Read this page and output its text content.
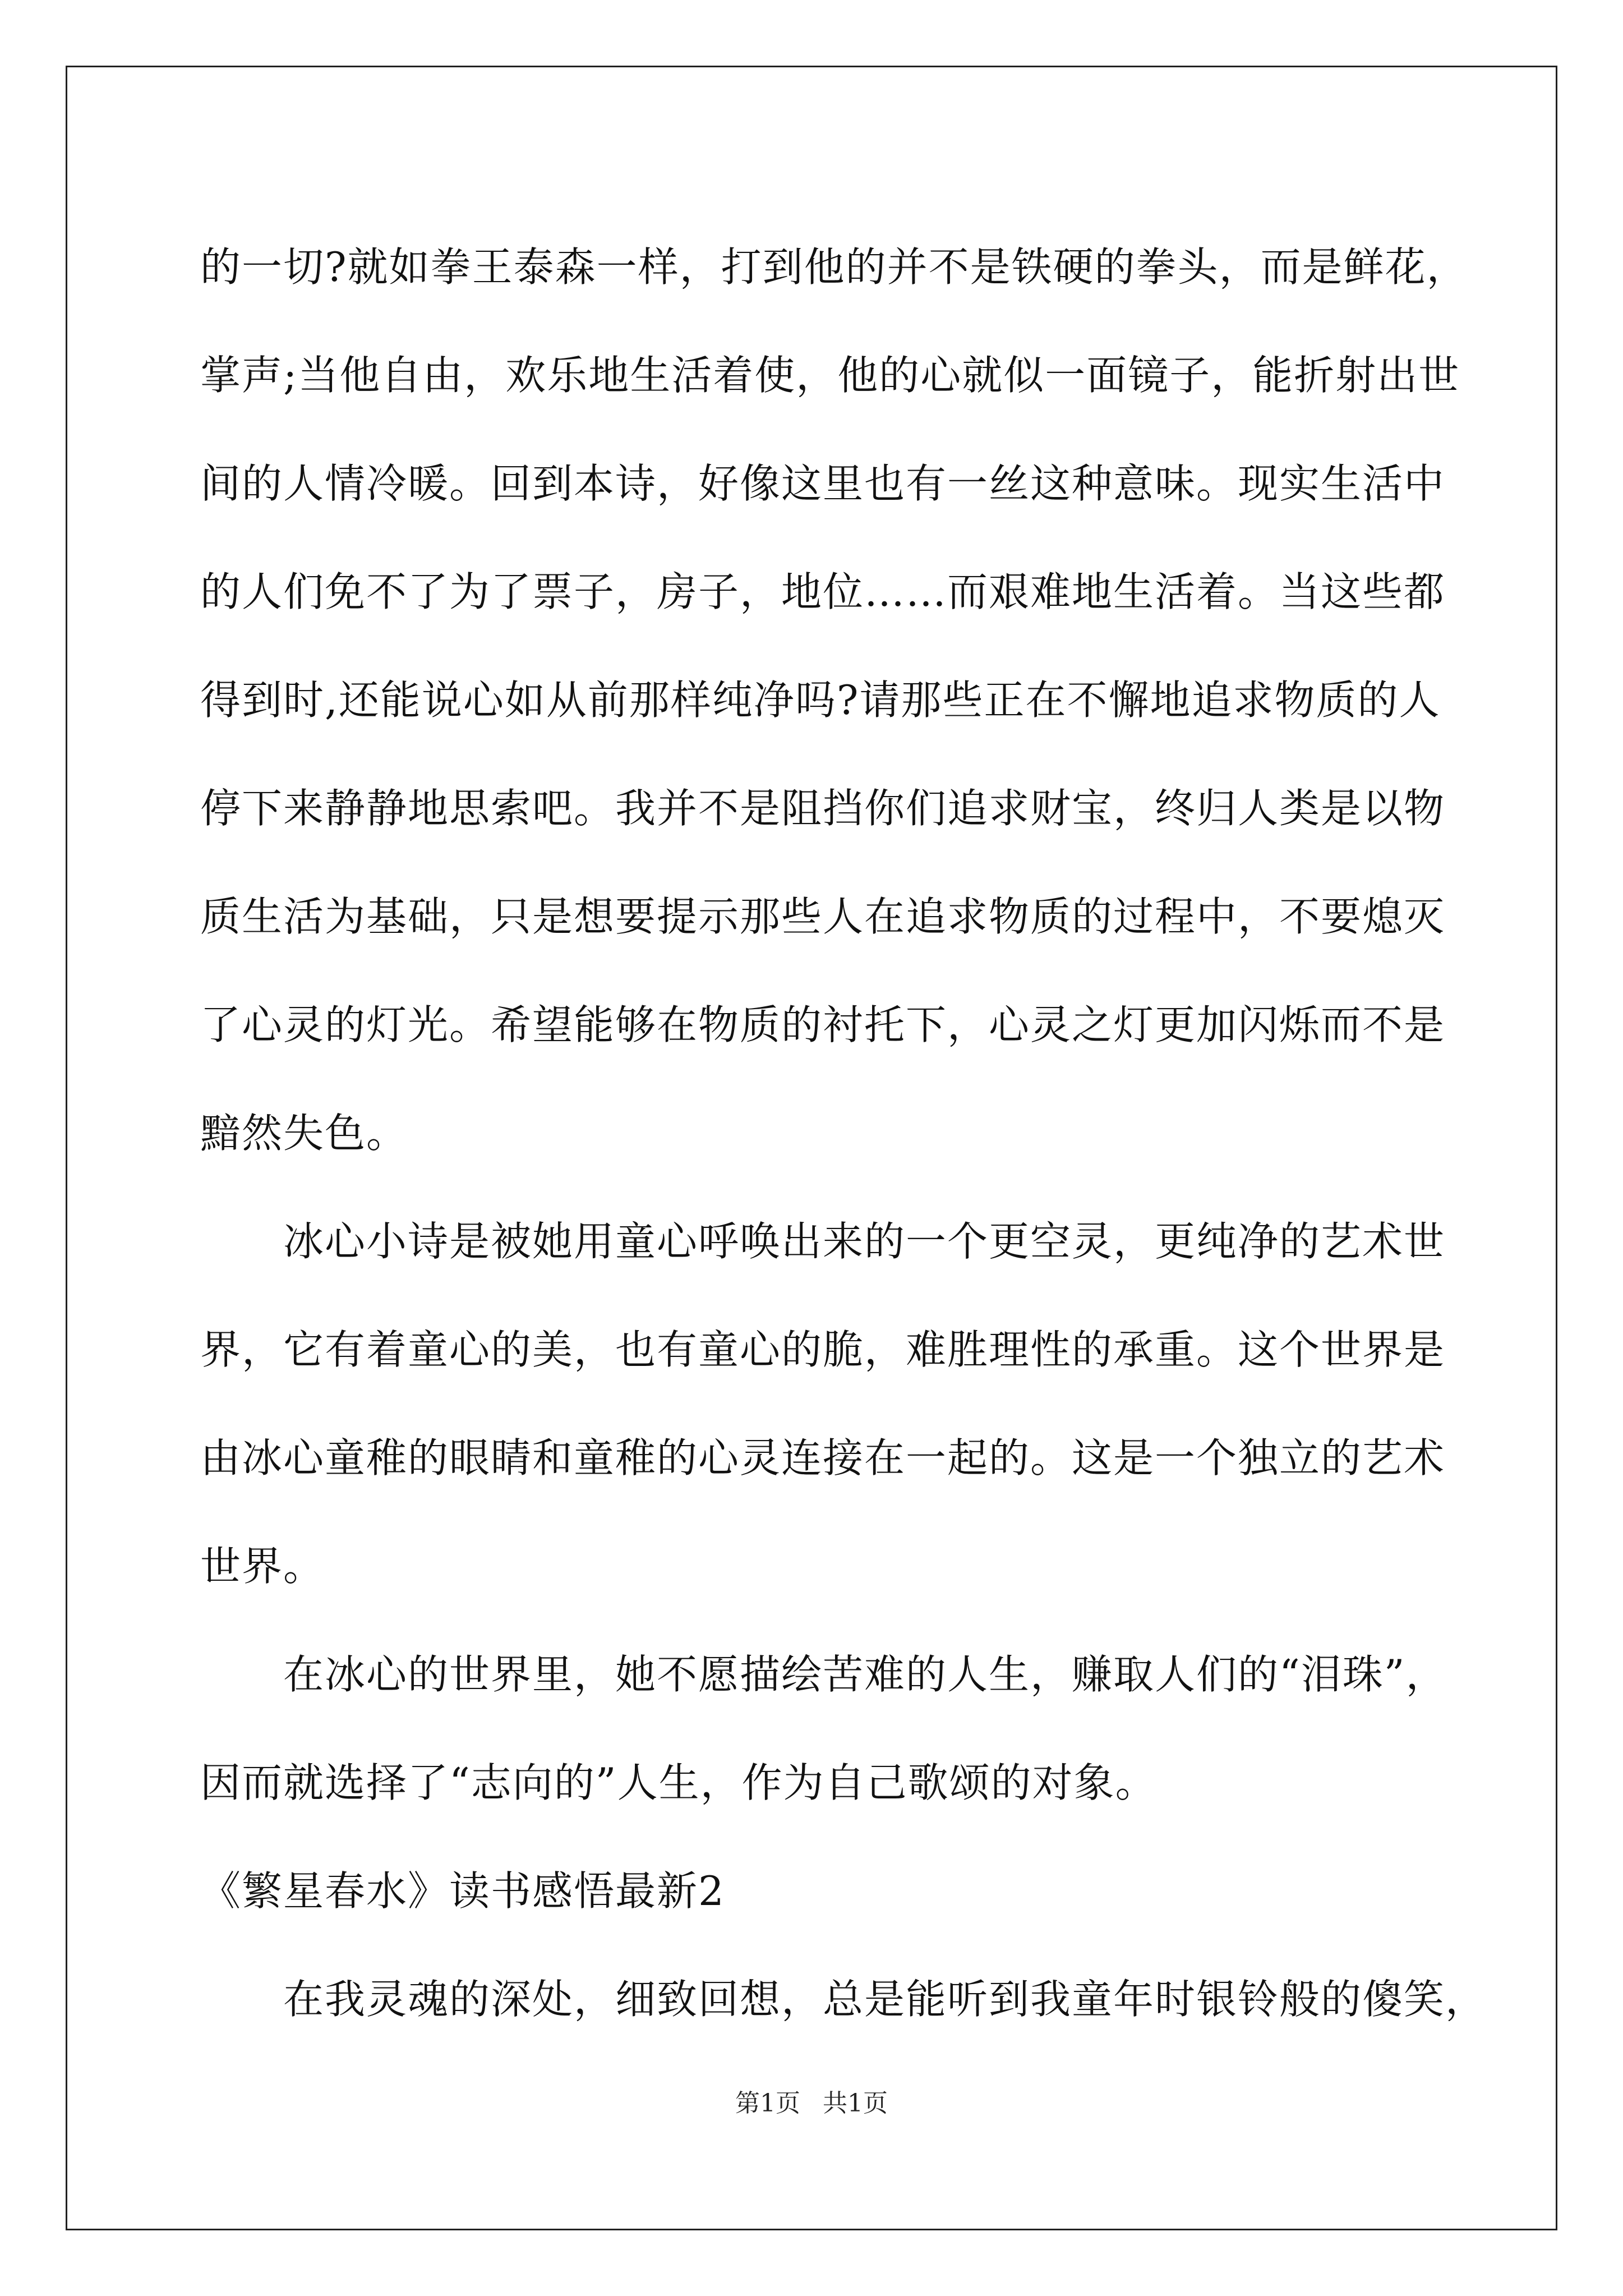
的一切?就如拳王泰森一样，打到他的并不是铁硬的拳头，而是鲜花，
掌声;当他自由，欢乐地生活着使，他的心就似一面镜子，能折射出世
间的人情冷暖。回到本诗，好像这里也有一丝这种意味。现实生活中
的人们免不了为了票子，房子，地位……而艰难地生活着。当这些都
得到时,还能说心如从前那样纯净吗?请那些正在不懈地追求物质的人
停下来静静地思索吧。我并不是阻挡你们追求财宝，终归人类是以物
质生活为基础，只是想要提示那些人在追求物质的过程中，不要熄灭
了心灵的灯光。希望能够在物质的衬托下，心灵之灯更加闪烁而不是
黯然失色。
冰心小诗是被她用童心呼唤出来的一个更空灵，更纯净的艺术世
界，它有着童心的美，也有童心的脆，难胜理性的承重。这个世界是
由冰心童稚的眼睛和童稚的心灵连接在一起的。这是一个独立的艺术
世界。
在冰心的世界里，她不愿描绘苦难的人生，赚取人们的“泪珠”，
因而就选择了“志向的”人生，作为自己歌颂的对象。
《繁星春水》读书感悟最新2
在我灵魂的深处，细致回想，总是能听到我童年时银铃般的傻笑，
第1页 共1页
